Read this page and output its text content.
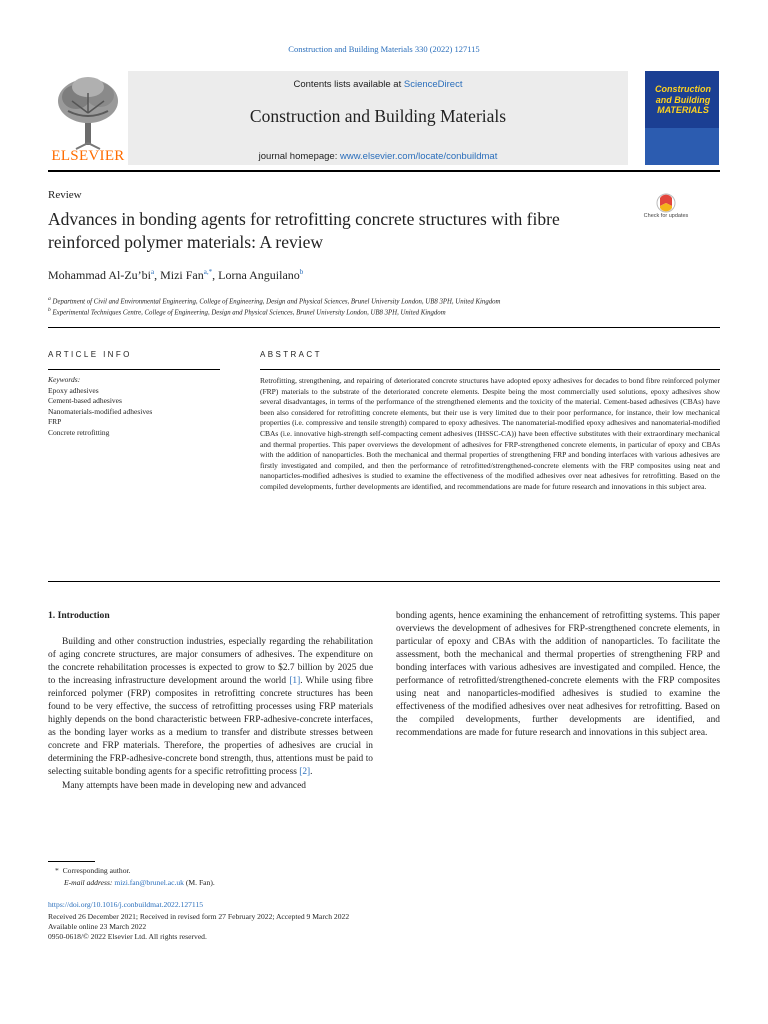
Construction and Building Materials 330 (2022) 127115
ELSEVIER
Contents lists available at ScienceDirect
Construction and Building Materials
journal homepage: www.elsevier.com/locate/conbuildmat
Construction and Building MATERIALS
Review
Advances in bonding agents for retrofitting concrete structures with fibre reinforced polymer materials: A review
Check for updates
Mohammad $Al-Zu’bi^a$, Mizi Fan$^{a,*}$, Lorna Anguilano$^b$
$^a$ Department of Civil and Environmental Engineering, College of Engineering, Design and Physical Sciences, Brunel University London, UB8 3PH, United Kingdom
$^b$ Experimental Techniques Centre, College of Engineering, Design and Physical Sciences, Brunel University London, UB8 3PH, United Kingdom
ARTICLE INFO
Keywords:
Epoxy adhesives
Cement-based adhesives
Nanomaterials-modified adhesives
FRP
Concrete retrofitting
ABSTRACT
Retrofitting, strengthening, and repairing of deteriorated concrete structures have adopted epoxy adhesives for decades to bond fibre reinforced polymer (FRP) materials to the substrate of the deteriorated concrete elements. Despite being the most commercially used solutions, epoxy adhesives show several disadvantages, in terms of the performance of the strengthened elements and the toxicity of the material. Cement-based adhesives (CBAs) have been also considered for retrofitting concrete elements, but their use is very limited due to their poor performance, for instance, their low mechanical properties (i.e. compressive and tensile strength) compared to epoxy adhesives. The nanomaterial-modified epoxy adhesives and nanomaterial-modified CBAs (i.e. innovative high-strength self-compacting cement adhesives (IHSSC-CA)) have been effective substitutes with their extraordinary mechanical and thermal properties. This paper overviews the development of adhesives for FRP-strengthened concrete elements, in particular of epoxy and CBAs with the addition of nanoparticles. Both the mechanical and thermal properties of strengthening FRP and bonding interfaces with various adhesives are firstly investigated and compiled, and then the performance of retrofitted/strengthened-concrete elements with the FRP composites using neat and nanoparticles-modified adhesives is studied to examine the effectiveness of the modified adhesives over neat adhesives for retrofitting. Based on the compiled developments, further developments are identified, and recommendations are made for future research and innovations in this subject area.
1. Introduction

Building and other construction industries, especially regarding the rehabilitation of aging concrete structures, are major consumers of adhesives. The expenditure on the concrete rehabilitation processes is expected to grow to $2.7 billion by 2025 due to the increasing infrastructure development around the world [1]. While using fibre reinforced polymer (FRP) composites in retrofitting concrete structures has been found to be very effective, the success of retrofitting processes using FRP materials highly depends on the bond characteristic between FRP-adhesive-concrete interfaces, as the bonding layer works as a medium to transfer and distribute stresses between concrete and FRP materials. Therefore, the properties of adhesives are crucial in determining the FRP-adhesive-concrete bond strength, thus, attentions must be paid to selecting suitable bonding agents for a specific retrofitting process [2].

Many attempts have been made in developing new and advanced

bonding agents, hence examining the enhancement of retrofitting systems. This paper overviews the development of adhesives for FRP-strengthened concrete elements, in particular of epoxy and CBAs with the addition of nanoparticles. To facilitate the assessment, both the mechanical and thermal properties of strengthening FRP and bonding interfaces with various adhesives are investigated and compiled. Hence, the performance of retrofitted/strengthened-concrete elements with the FRP composites using neat and nanoparticles-modified adhesives is studied to examine the effectiveness of the modified adhesives over neat adhesives for retrofitting. Based on the compiled developments, further developments are identified, and recommendations are made for future research and innovations in this subject area.

* Corresponding author.
E-mail address: mizi.fan@brunel.ac.uk (M. Fan).
https://doi.org/10.1016/j.conbuildmat.2022.127115
Received 26 December 2021; Received in revised form 27 February 2022; Accepted 9 March 2022
Available online 23 March 2022
0950-0618/© 2022 Elsevier Ltd. All rights reserved.
